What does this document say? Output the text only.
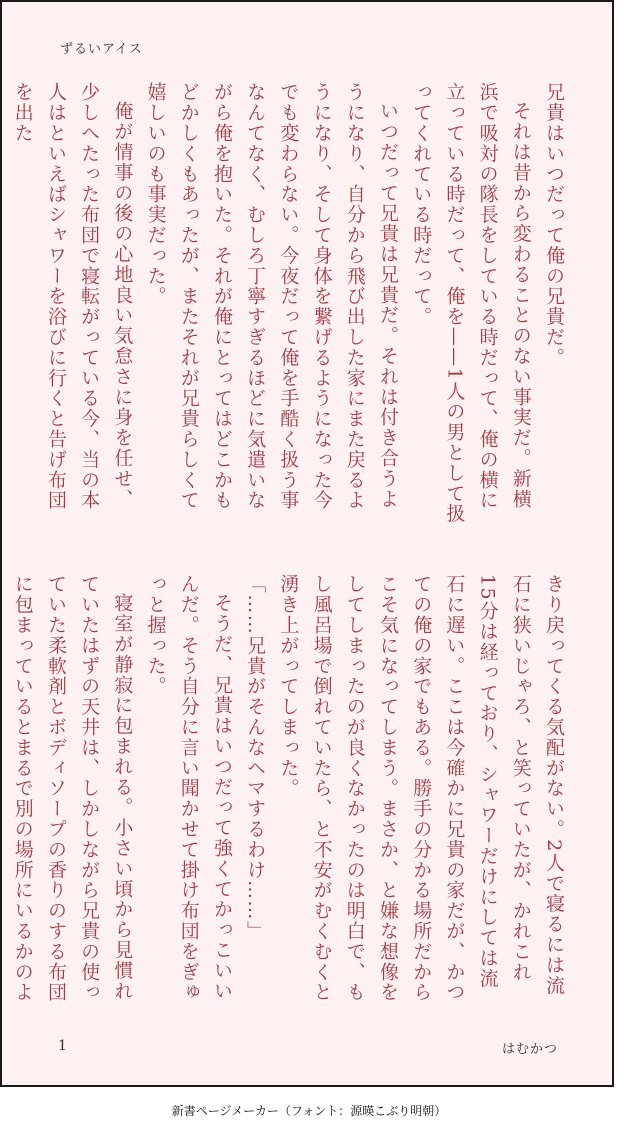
ずるいアイス

兄貴はいつだって俺の兄貴だ。

それは昔から変わることのない事実だ。新横浜で吸対の隊長をしている時だって、俺の横に立っている時だって、俺を——1人の男として扱ってくれている時だって。

いつだって兄貴は兄貴だ。それは付き合うようになり、自分から飛び出した家にまた戻るようになり、そして身体を繋げるようになった今でも変わらない。今夜だって俺を手酷く扱う事なんてなく、むしろ丁寧すぎるほどに気遣いながら俺を抱いた。それが俺にとってはどこかもどかしくもあったが、またそれが兄貴らしくて嬉しいのも事実だった。

俺が情事の後の心地良い気怠さに身を任せ、少しへたった布団で寝転がっている今、当の本人はといえばシャワーを浴びに行くと告げ布団を出た

きり戻ってくる気配がない。2人で寝るには流石に狭いじゃろ、と笑っていたが、かれこれ15分は経っており、シャワーだけにしては流石に遅い。ここは今確かに兄貴の家だが、かつての俺の家でもある。勝手の分かる場所だからこそ気になってしまう。まさか、と嫌な想像をしてしまったのが良くなかったのは明白で、もし風呂場で倒れていたら、と不安がむくむくと湧き上がってしまった。

「……兄貴がそんなヘマするわけ……」

そうだ、兄貴はいつだって強くてかっこいいんだ。そう自分に言い聞かせて掛け布団をぎゅっと握った。

寝室が静寂に包まれる。小さい頃から見慣れていたはずの天井は、しかしながら兄貴の使っていた柔軟剤とボディソープの香りのする布団に包まっているとまるで別の場所にいるかのよ

1	はむかつ
新書ページメーカー（フォント：源暎こぶり明朝）
